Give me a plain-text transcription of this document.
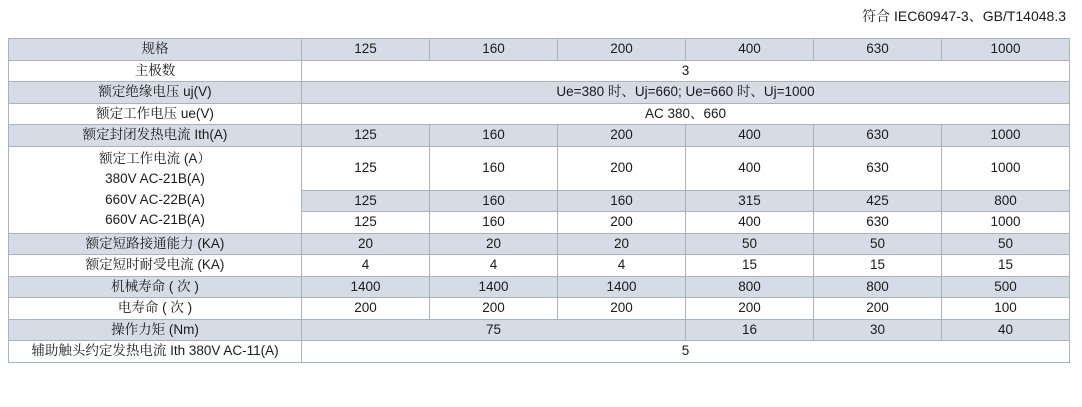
符合 IEC60947-3、GB/T14048.3
规格	125	160	200	400	630	1000
主极数	3					
额定绝缘电压 uj(V)	Ue=380 时、Uj=660; Ue=660 时、Uj=1000					
额定工作电压 ue(V)	AC 380、660					
额定封闭发热电流 Ith(A)	125	160	200	400	630	1000

额定工作电流 (A）
380V AC-21B(A)
660V AC-22B(A)
660V AC-21B(A)	125	160	200	400	630	1000
	125	160	160	315	425	800
	125	160	200	400	630	1000
额定短路接通能力 (KA)	20	20	20	50	50	50
额定短时耐受电流 (KA)	4	4	4	15	15	15
机械寿命 ( 次 )	1400	1400	1400	800	800	500
电寿命 ( 次 )	200	200	200	200	200	100
操作力矩 (Nm)	75			16	30	40
辅助触头约定发热电流 Ith 380V AC-11(A)	5					
